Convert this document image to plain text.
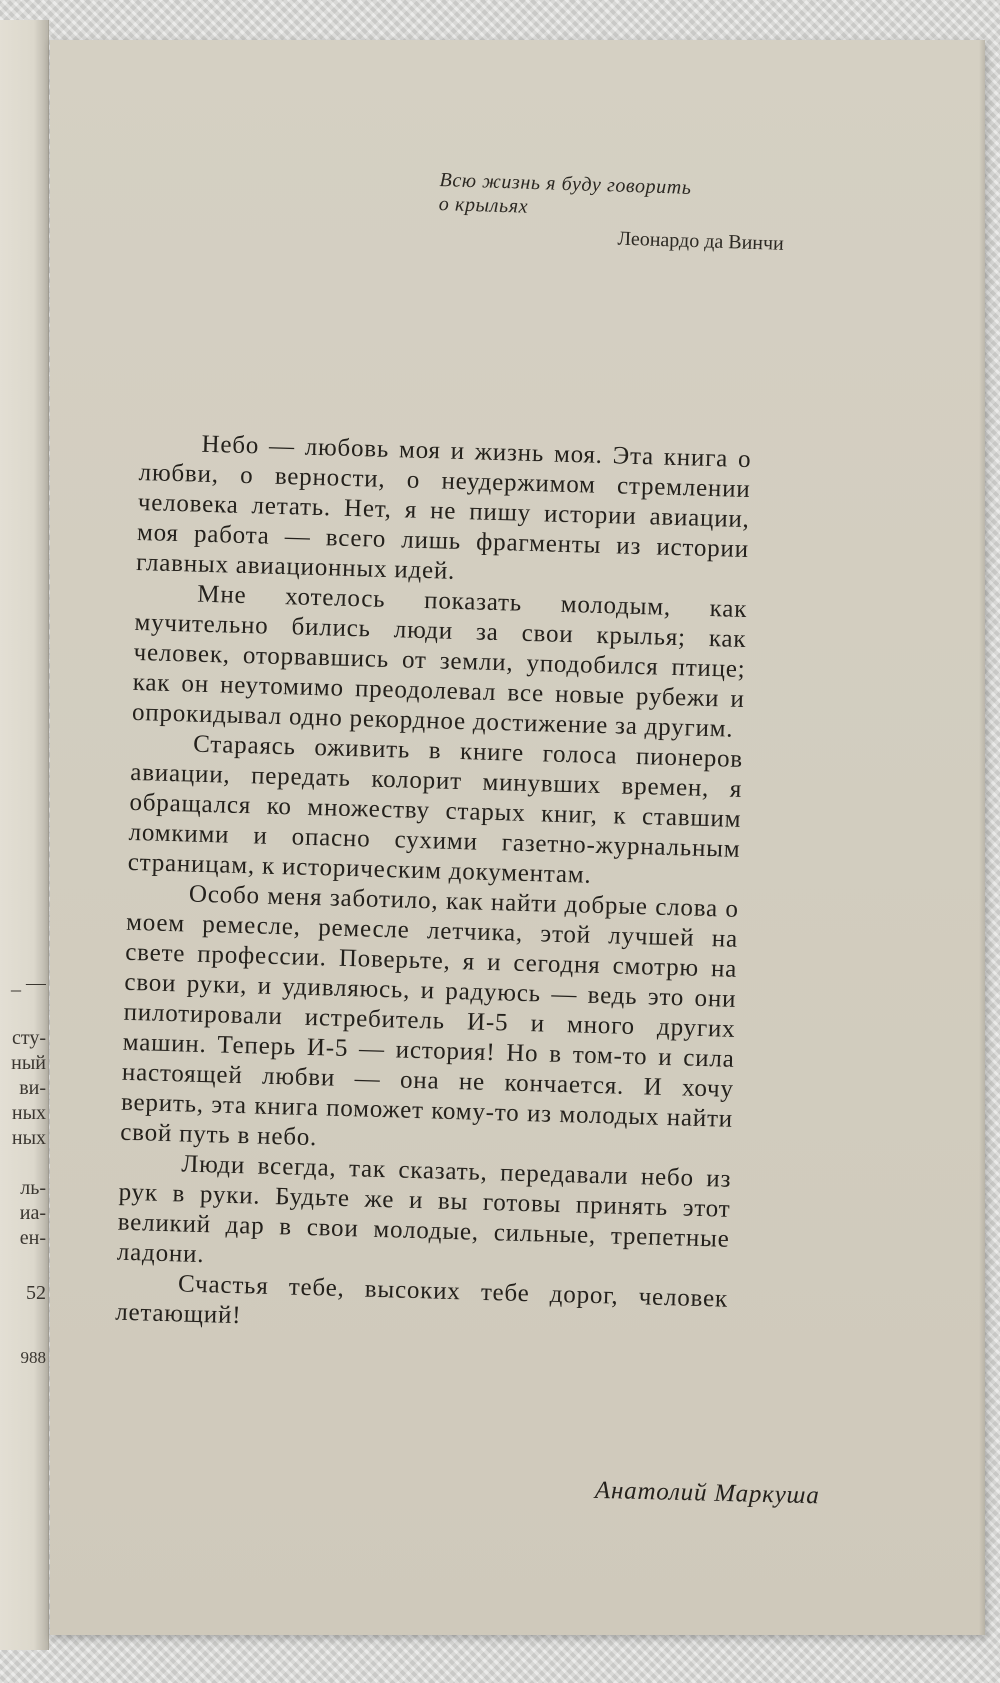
_ —
сту-
ный
ви-
ных
ных
ль-
иа-
ен-
52
988

Всю жизнь я буду говорить

о крыльях

Леонардо да Винчи

Небо — любовь моя и жизнь моя. Эта книга о любви, о верности, о неудержимом стремлении человека летать. Нет, я не пишу истории авиации, моя работа — всего лишь фрагменты из истории главных авиационных идей.

Мне хотелось показать молодым, как мучительно бились люди за свои крылья; как человек, оторвавшись от земли, уподобился птице; как он неутомимо преодолевал все новые рубежи и опрокидывал одно рекордное достижение за другим.

Стараясь оживить в книге голоса пионеров авиации, передать колорит минувших времен, я обращался ко множеству старых книг, к ставшим ломкими и опасно сухими газетно-журнальным страницам, к историческим документам.

Особо меня заботило, как найти добрые слова о моем ремесле, ремесле летчика, этой лучшей на свете профессии. Поверьте, я и сегодня смотрю на свои руки, и удивляюсь, и радуюсь — ведь это они пилотировали истребитель И-5 и много других машин. Теперь И-5 — история! Но в том-то и сила настоящей любви — она не кончается. И хочу верить, эта книга поможет кому-то из молодых найти свой путь в небо.

Люди всегда, так сказать, передавали небо из рук в руки. Будьте же и вы готовы принять этот великий дар в свои молодые, сильные, трепетные ладони.

Счастья тебе, высоких тебе дорог, человек летающий!

Анатолий Маркуша
